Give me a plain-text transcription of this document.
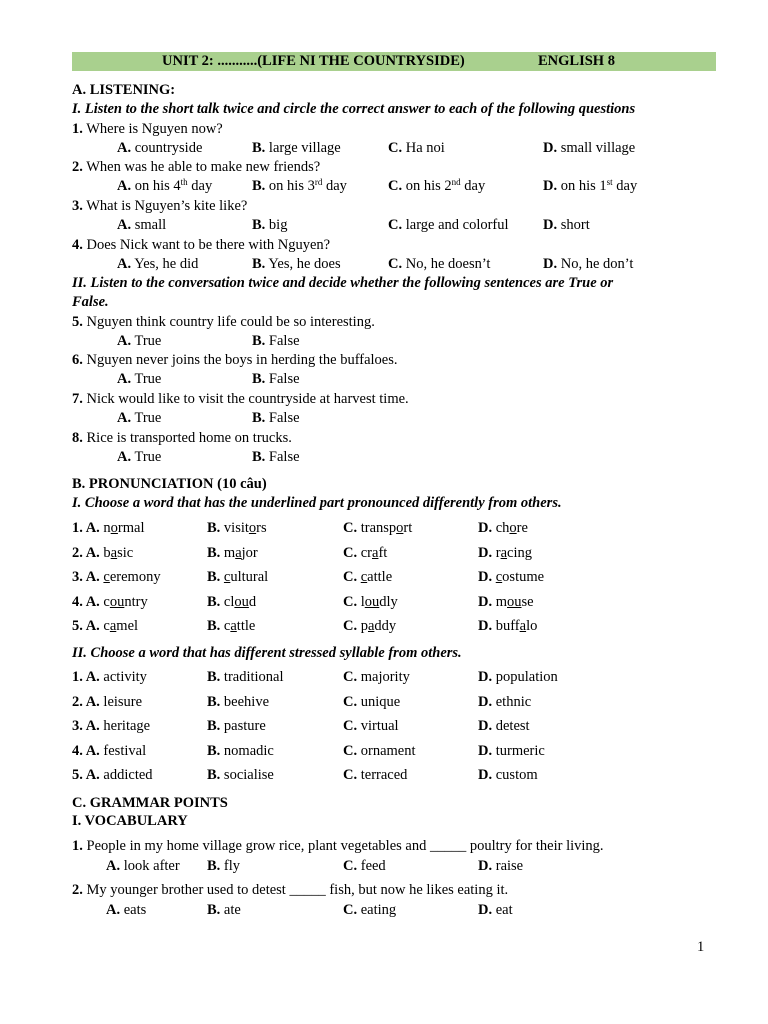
UNIT 2: ...........(LIFE NI THE COUNTRYSIDE)	ENGLISH 8
A. LISTENING:
I. Listen to the short talk twice and circle the correct answer to each of the following questions
1. Where is Nguyen now?
A. countryside	B. large village	C. Ha noi	D. small village
2. When was he able to make new friends?
A. on his 4th day	B. on his 3rd day	C. on his 2nd day	D. on his 1st day
3. What is Nguyen’s kite like?
A. small	B. big	C. large and colorful D. short
4. Does Nick want to be there with Nguyen?
A. Yes, he did	B. Yes, he does	C. No, he doesn’t	D. No, he don’t
II. Listen to the conversation twice and decide whether the following sentences are True or
False.
5. Nguyen think country life could be so interesting.
A. True	B. False
6. Nguyen never joins the boys in herding the buffaloes.
A. True	B. False
7. Nick would like to visit the countryside at harvest time.
A. True	B. False
8. Rice is transported home on trucks.
A. True	B. False
B. PRONUNCIATION (10 câu)
I. Choose a word that has the underlined part pronounced differently from others.
1. A. normal	B. visitors	C. transport	D. chore
2. A. basic	B. major	C. craft	D. racing
3. A. ceremony	B. cultural	C. cattle	D. costume
4. A. country	B. cloud	C. loudly	D. mouse
5. A. camel	B. cattle	C. paddy	D. buffalo
II. Choose a word that has different stressed syllable from others.
1. A. activity	B. traditional	C. majority	D. population
2. A. leisure	B. beehive	C. unique	D. ethnic
3. A. heritage	B. pasture	C. virtual	D. detest
4. A. festival	B. nomadic	C. ornament	D. turmeric
5. A. addicted	B. socialise	C. terraced	D. custom
C. GRAMMAR POINTS
I. VOCABULARY
1. People in my home village grow rice, plant vegetables and _____ poultry for their living.
A. look after B. fly	C. feed	D. raise
2. My younger brother used to detest _____ fish, but now he likes eating it.
A. eats	B. ate	C. eating	D. eat
1
